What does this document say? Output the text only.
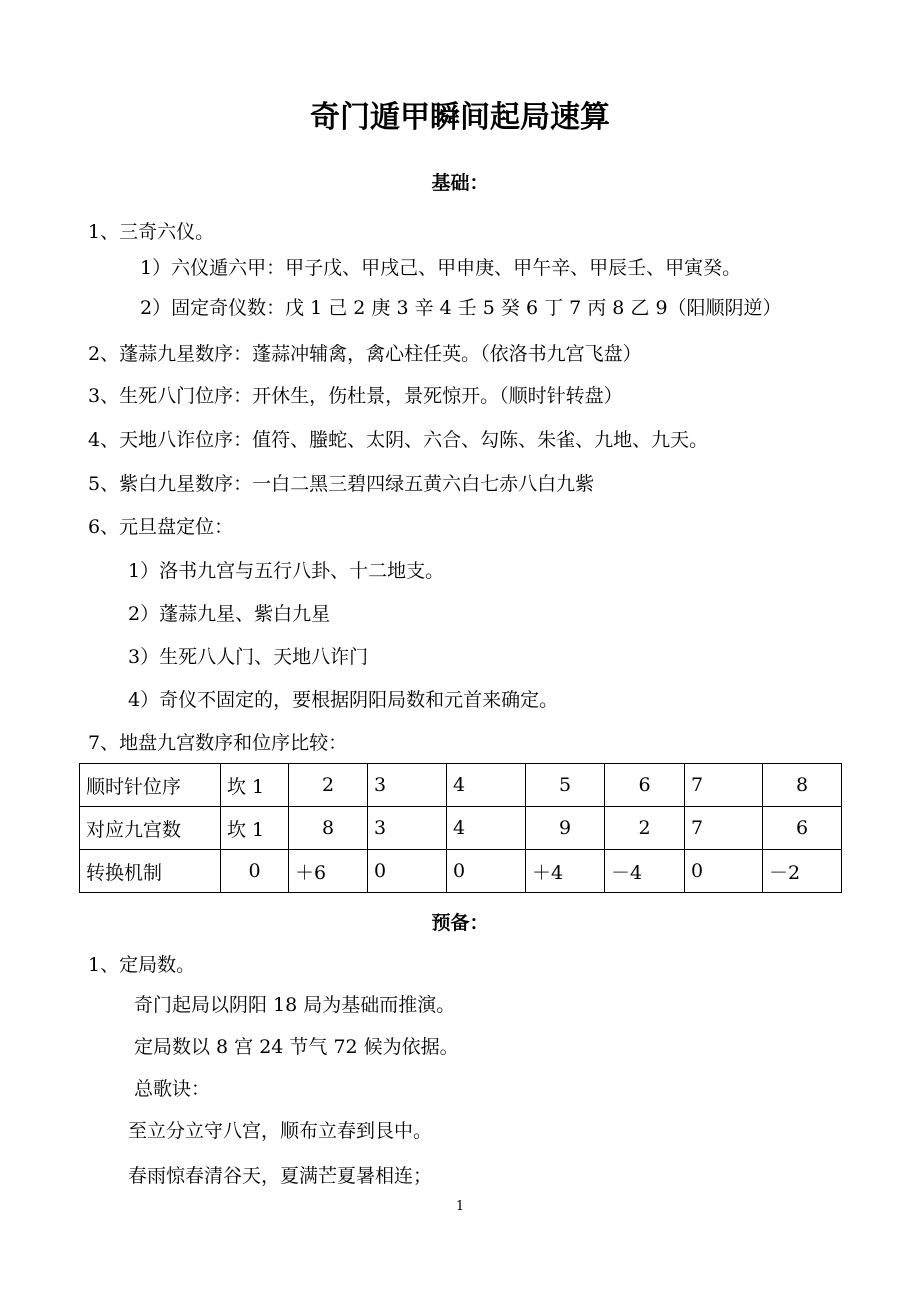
奇门遁甲瞬间起局速算
基础：
1、三奇六仪。
1）六仪遁六甲：甲子戊、甲戌己、甲申庚、甲午辛、甲辰壬、甲寅癸。
2）固定奇仪数：戊 1 己 2 庚 3 辛 4 壬 5 癸 6 丁 7 丙 8 乙 9（阳顺阴逆）
2、蓬蒜九星数序：蓬蒜冲辅禽，禽心柱任英。（依洛书九宫飞盘）
3、生死八门位序：开休生，伤杜景，景死惊开。（顺时针转盘）
4、天地八诈位序：值符、螣蛇、太阴、六合、勾陈、朱雀、九地、九天。
5、紫白九星数序：一白二黑三碧四绿五黄六白七赤八白九紫
6、元旦盘定位：
1）洛书九宫与五行八卦、十二地支。
2）蓬蒜九星、紫白九星
3）生死八人门、天地八诈门
4）奇仪不固定的，要根据阴阳局数和元首来确定。
7、地盘九宫数序和位序比较：
顺时针位序	坎 1	2	3	4	5	6	7	8
对应九宫数	坎 1	8	3	4	9	2	7	6
转换机制	0	＋6	0	0	＋4	－4	0	－2
预备：
1、定局数。
奇门起局以阴阳 18 局为基础而推演。
定局数以 8 宫 24 节气 72 候为依据。
总歌诀：
至立分立守八宫，顺布立春到艮中。
春雨惊春清谷天，夏满芒夏暑相连；
1
